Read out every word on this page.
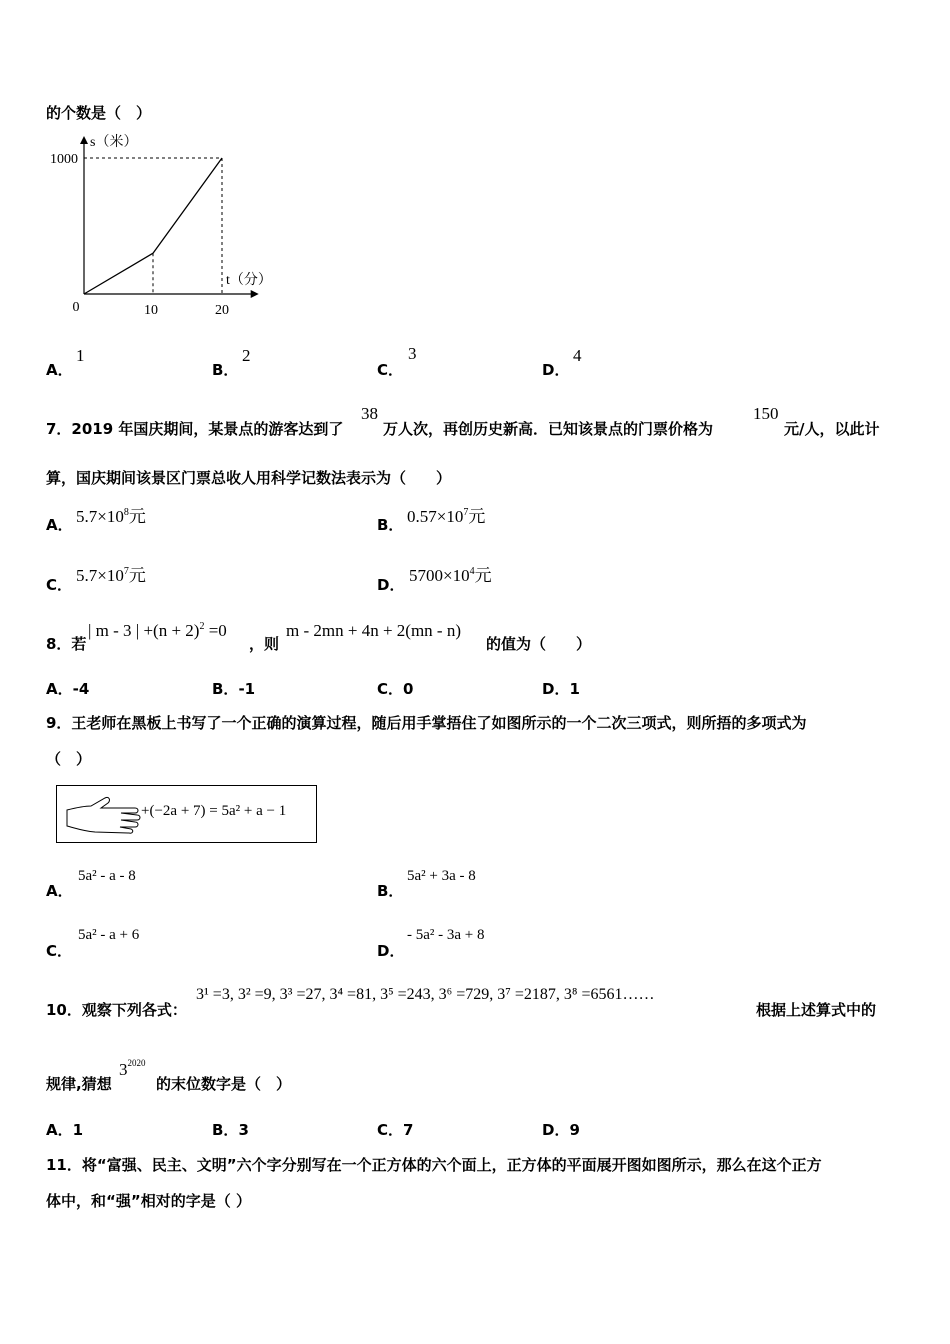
的个数是（　）
s（米）
t（分）
0	10	20
1000
A．
1
B．
2
C．
3
D．
4
7．2019 年国庆期间，某景点的游客达到了
38
万人次，再创历史新高．已知该景点的门票价格为
150
元/人，以此计
算，国庆期间该景区门票总收人用科学记数法表示为（　　）
A． $5.7\times 10^8$元	B． $0.57\times 10^7$元
C． $5.7\times 10^7$元	D． $5700\times 10^4$元
8．若
| m - 3 | $+(n + 2)^2 =0$
，则
m - 2mn + 4n + 2(mn - n)
的值为（　　）
A．-4	B．-1	C．0	D．1
9．王老师在黑板上书写了一个正确的演算过程，随后用手掌捂住了如图所示的一个二次三项式，则所捂的多项式为
（　）
+(−2a + 7) = 5a² + a − 1
A．
5a² - a - 8
B．
5a² + 3a - 8
C．
5a² - a + 6
D．
- 5a² - 3a + 8
10．观察下列各式：
3¹ =3, 3² =9, 3³ =27, 3⁴ =81, 3⁵ =243, 3⁶ =729, 3⁷ =2187, 3⁸ =6561……
根据上述算式中的
规律,猜想
$3^{2020}$
的末位数字是（　）
A．1	B．3	C．7	D．9
11．将“富强、民主、文明”六个字分别写在一个正方体的六个面上，正方体的平面展开图如图所示，那么在这个正方
体中，和“强”相对的字是（ ）
